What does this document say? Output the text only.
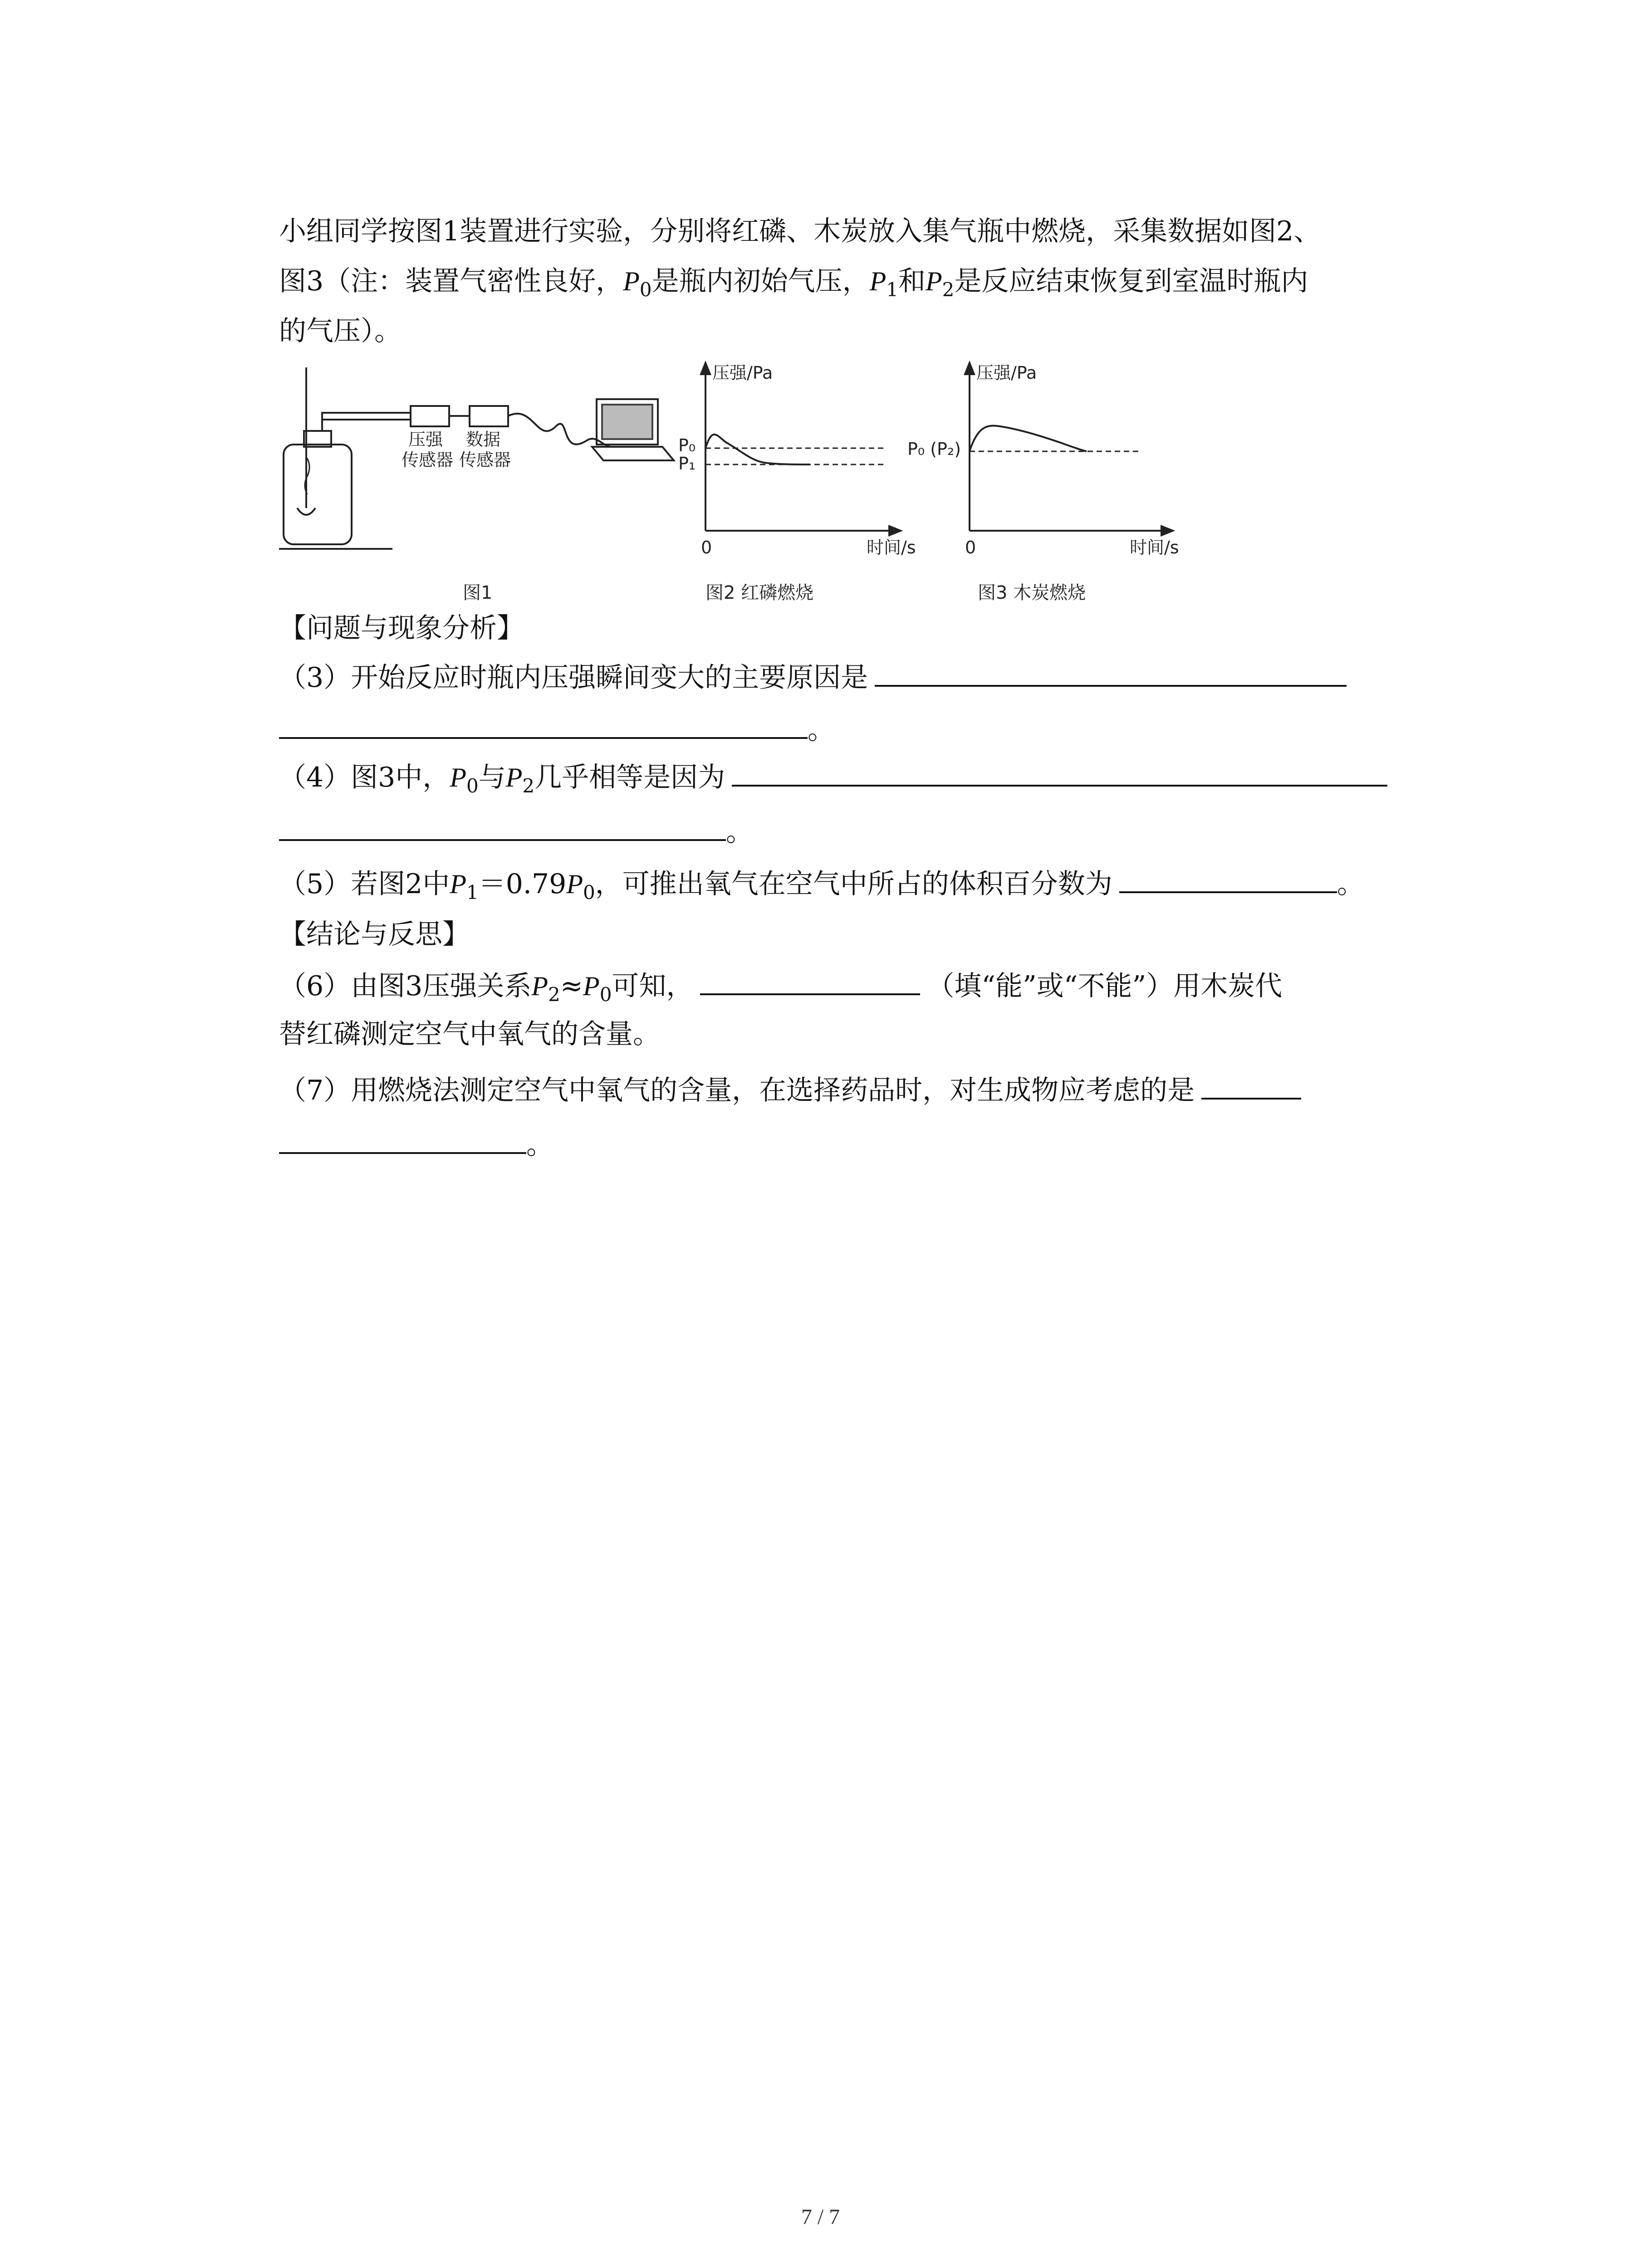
小组同学按图1装置进行实验，分别将红磷、木炭放入集气瓶中燃烧，采集数据如图2、
图3（注：装置气密性良好，$P_0$是瓶内初始气压，$P_1$和$P_2$是反应结束恢复到室温时瓶内
的气压）。
压强
传感器
数据
传感器
图1
压强/Pa
P₀
P₁
0	时间/s
图2 红磷燃烧
压强/Pa
P₀ (P₂)
0	时间/s
图3 木炭燃烧
【问题与现象分析】
（3）开始反应时瓶内压强瞬间变大的主要原因是
。
（4）图3中，$P_0$与$P_2$几乎相等是因为
。
（5）若图2中$P_1=0.79P_0$，可推出氧气在空气中所占的体积百分数为	。
【结论与反思】
（6）由图3压强关系$P_2\approx P_0$可知，	（填“能”或“不能”）用木炭代
替红磷测定空气中氧气的含量。
（7）用燃烧法测定空气中氧气的含量，在选择药品时，对生成物应考虑的是
。
7 / 7
